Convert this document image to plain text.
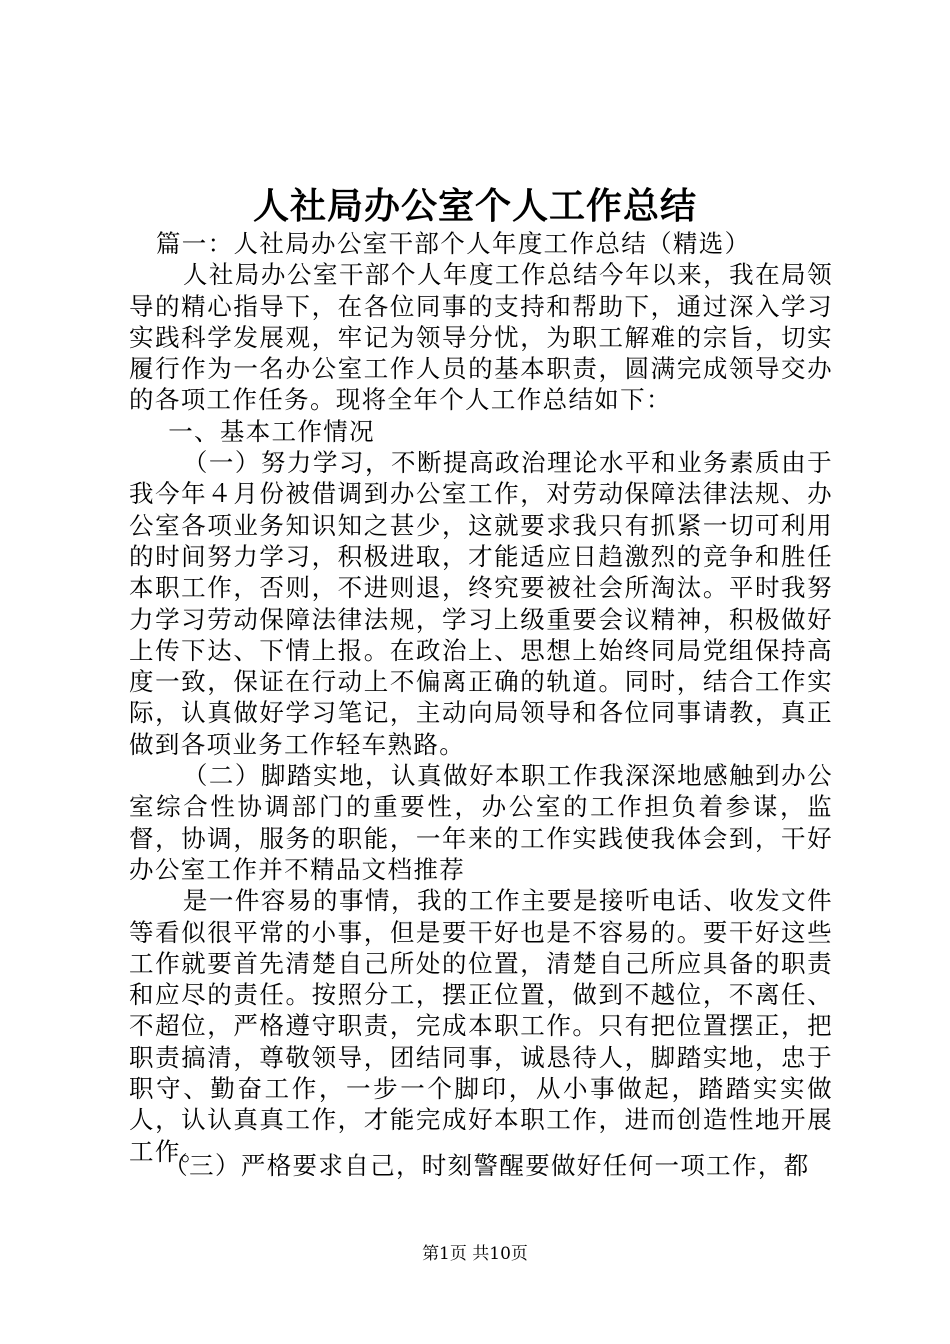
人社局办公室个人工作总结

篇一：人社局办公室干部个人年度工作总结（精选）

人社局办公室干部个人年度工作总结今年以来，我在局领导的精心指导下，在各位同事的支持和帮助下，通过深入学习实践科学发展观，牢记为领导分忧，为职工解难的宗旨，切实履行作为一名办公室工作人员的基本职责，圆满完成领导交办的各项工作任务。现将全年个人工作总结如下：

一、基本工作情况

（一）努力学习，不断提高政治理论水平和业务素质由于我今年４月份被借调到办公室工作，对劳动保障法律法规、办公室各项业务知识知之甚少，这就要求我只有抓紧一切可利用的时间努力学习，积极进取，才能适应日趋激烈的竞争和胜任本职工作，否则，不进则退，终究要被社会所淘汰。平时我努力学习劳动保障法律法规，学习上级重要会议精神，积极做好上传下达、下情上报。在政治上、思想上始终同局党组保持高度一致，保证在行动上不偏离正确的轨道。同时，结合工作实际，认真做好学习笔记，主动向局领导和各位同事请教，真正做到各项业务工作轻车熟路。

（二）脚踏实地，认真做好本职工作我深深地感触到办公室综合性协调部门的重要性，办公室的工作担负着参谋，监督，协调，服务的职能，一年来的工作实践使我体会到，干好办公室工作并不精品文档推荐

是一件容易的事情，我的工作主要是接听电话、收发文件等看似很平常的小事，但是要干好也是不容易的。要干好这些工作就要首先清楚自己所处的位置，清楚自己所应具备的职责和应尽的责任。按照分工，摆正位置，做到不越位，不离任、不超位，严格遵守职责，完成本职工作。只有把位置摆正，把职责搞清，尊敬领导，团结同事，诚恳待人，脚踏实地，忠于职守、勤奋工作，一步一个脚印，从小事做起，踏踏实实做人，认认真真工作，才能完成好本职工作，进而创造性地开展工作。

（三）严格要求自己，时刻警醒要做好任何一项工作，都

第1页 共10页
